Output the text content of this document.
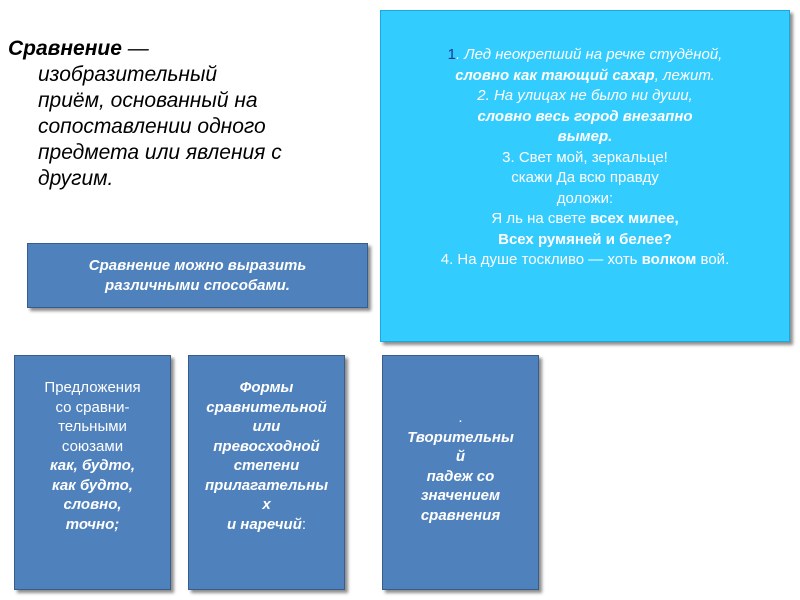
Сравнение —
изобразительный
приём, основанный на
сопоставлении одного
предмета или явления с
другим.
Сравнение можно выразить различными способами.
1. Лед неокрепший на речке студёной,
словно как тающий сахар, лежит.
2. На улицах не было ни души,
словно весь город внезапно
вымер.
3. Свет мой, зеркальце!
скажи Да всю правду
доложи:
Я ль на свете всех милее,
Всех румяней и белее?
4. На душе тоскливо — хоть волком вой.
Предложения
со сравни-
тельными
союзами
как, будто,
как будто,
словно,
точно;
Формы
сравнительной
или
превосходной
степени
прилагательны
х
и наречий:
.
Творительны
й
падеж со
значением
сравнения
